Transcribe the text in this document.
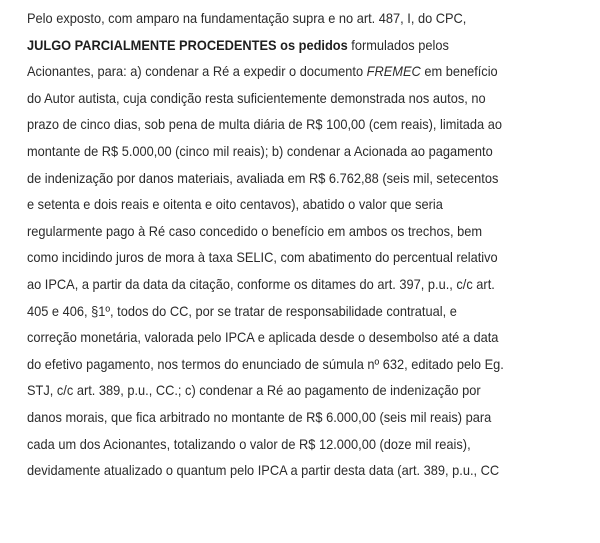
Pelo exposto, com amparo na fundamentação supra e no art. 487, I, do CPC,
JULGO PARCIALMENTE PROCEDENTES os pedidos formulados pelos
Acionantes, para: a) condenar a Ré a expedir o documento FREMEC em benefício
do Autor autista, cuja condição resta suficientemente demonstrada nos autos, no
prazo de cinco dias, sob pena de multa diária de R$ 100,00 (cem reais), limitada ao
montante de R$ 5.000,00 (cinco mil reais); b) condenar a Acionada ao pagamento
de indenização por danos materiais, avaliada em R$ 6.762,88 (seis mil, setecentos
e setenta e dois reais e oitenta e oito centavos), abatido o valor que seria
regularmente pago à Ré caso concedido o benefício em ambos os trechos, bem
como incidindo juros de mora à taxa SELIC, com abatimento do percentual relativo
ao IPCA, a partir da data da citação, conforme os ditames do art. 397, p.u., c/c art.
405 e 406, §1º, todos do CC, por se tratar de responsabilidade contratual, e
correção monetária, valorada pelo IPCA e aplicada desde o desembolso até a data
do efetivo pagamento, nos termos do enunciado de súmula nº 632, editado pelo Eg.
STJ, c/c art. 389, p.u., CC.; c) condenar a Ré ao pagamento de indenização por
danos morais, que fica arbitrado no montante de R$ 6.000,00 (seis mil reais) para
cada um dos Acionantes, totalizando o valor de R$ 12.000,00 (doze mil reais),
devidamente atualizado o quantum pelo IPCA a partir desta data (art. 389, p.u., CC
